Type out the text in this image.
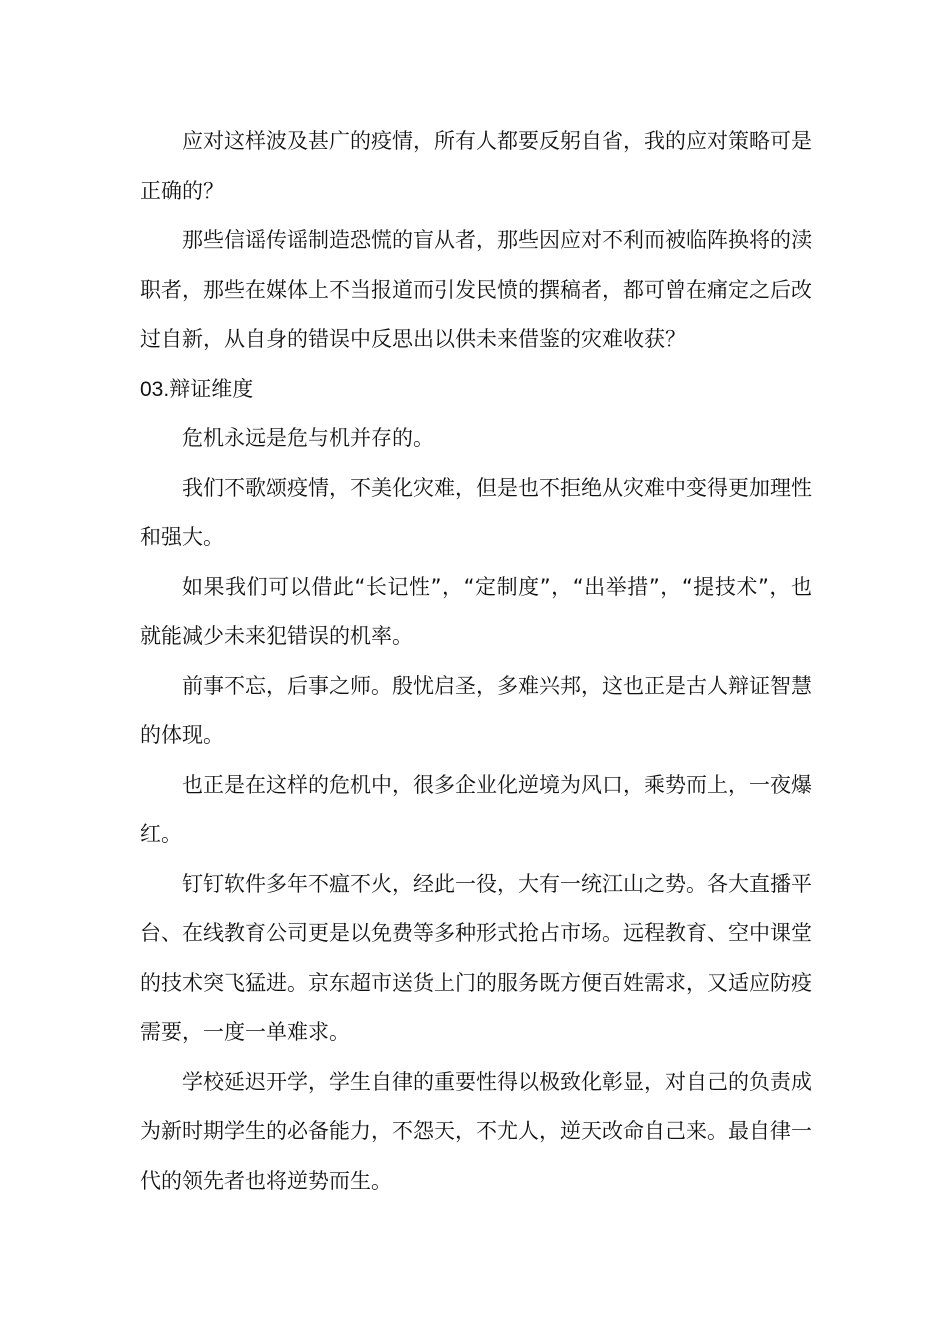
应对这样波及甚广的疫情，所有人都要反躬自省，我的应对策略可是正确的？

那些信谣传谣制造恐慌的盲从者，那些因应对不利而被临阵换将的渎职者，那些在媒体上不当报道而引发民愤的撰稿者，都可曾在痛定之后改过自新，从自身的错误中反思出以供未来借鉴的灾难收获？

03.辩证维度

危机永远是危与机并存的。

我们不歌颂疫情，不美化灾难，但是也不拒绝从灾难中变得更加理性和强大。

如果我们可以借此“长记性”，“定制度”，“出举措”，“提技术”，也就能减少未来犯错误的机率。

前事不忘，后事之师。殷忧启圣，多难兴邦，这也正是古人辩证智慧的体现。

也正是在这样的危机中，很多企业化逆境为风口，乘势而上，一夜爆红。

钉钉软件多年不瘟不火，经此一役，大有一统江山之势。各大直播平台、在线教育公司更是以免费等多种形式抢占市场。远程教育、空中课堂的技术突飞猛进。京东超市送货上门的服务既方便百姓需求，又适应防疫需要，一度一单难求。

学校延迟开学，学生自律的重要性得以极致化彰显，对自己的负责成为新时期学生的必备能力，不怨天，不尤人，逆天改命自己来。最自律一代的领先者也将逆势而生。
